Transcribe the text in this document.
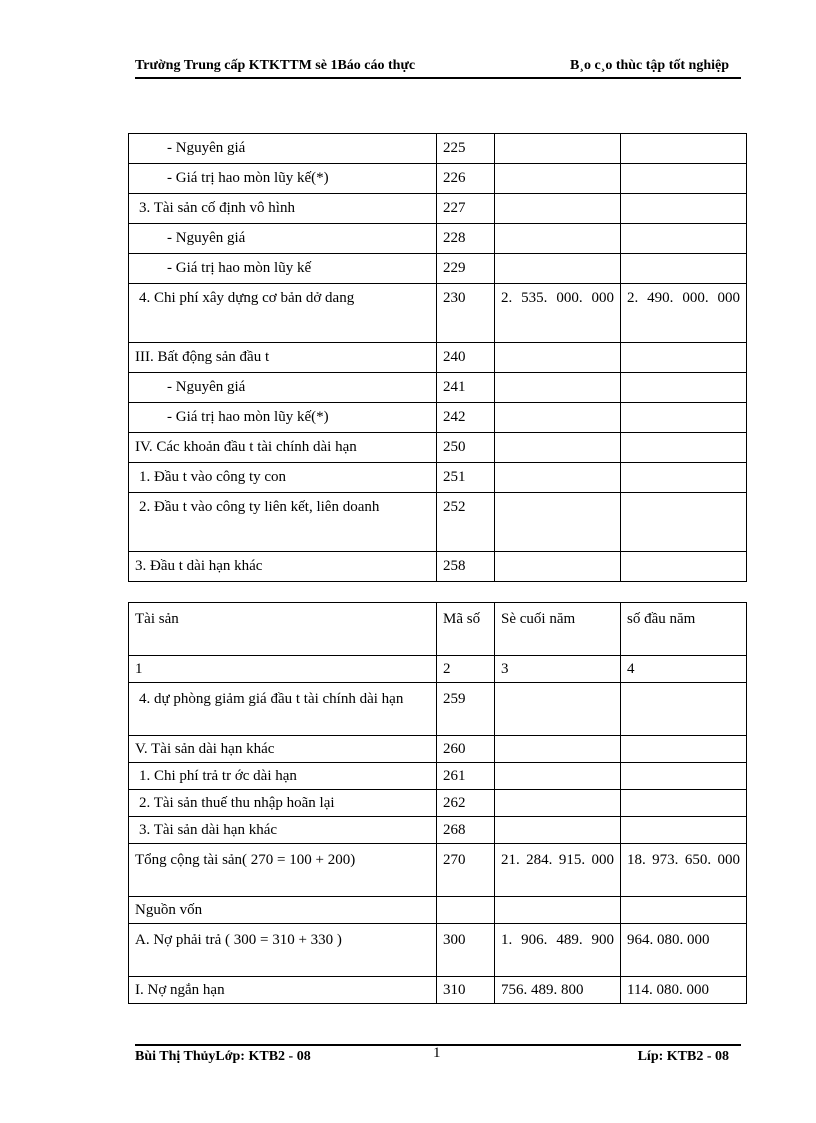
Trường Trung cấp KTKTTM sè 1Báo cáo thực	B¸o c¸o thùc tập tốt nghiệp
- Nguyên giá	225		
- Giá trị hao mòn lũy kế(*)	226		
3. Tài sản cố định vô hình	227		
- Nguyên giá	228		
- Giá trị hao mòn lũy kế	229		
4. Chi phí xây dựng cơ bản dở dang	230	2. 535. 000. 000	2. 490. 000. 000
III. Bất động sản đầu t	240		
- Nguyên giá	241		
- Giá trị hao mòn lũy kế(*)	242		
IV. Các khoản đầu t tài chính dài hạn	250		
1. Đầu t vào công ty con	251		
2. Đầu t vào công ty liên kết, liên doanh	252		
3. Đầu t dài hạn khác	258		
Tài sản	Mã số	Sè cuối năm	số đầu năm
1	2	3	4
4. dự phòng giảm giá đầu t tài chính dài hạn	259		
V. Tài sản dài hạn khác	260		
1. Chi phí trả tr ớc dài hạn	261		
2. Tài sản thuế thu nhập hoãn lại	262		
3. Tài sản dài hạn khác	268		
Tổng cộng tài sản( 270 = 100 + 200)	270	21. 284. 915. 000	18. 973. 650. 000
Nguồn vốn			
A. Nợ phải trả ( 300 = 310 + 330 )	300	1. 906. 489. 900	964. 080. 000
I. Nợ ngắn hạn	310	756. 489. 800	114. 080. 000
Bùi Thị ThủyLớp: KTB2 - 08	1	Líp: KTB2 - 08
